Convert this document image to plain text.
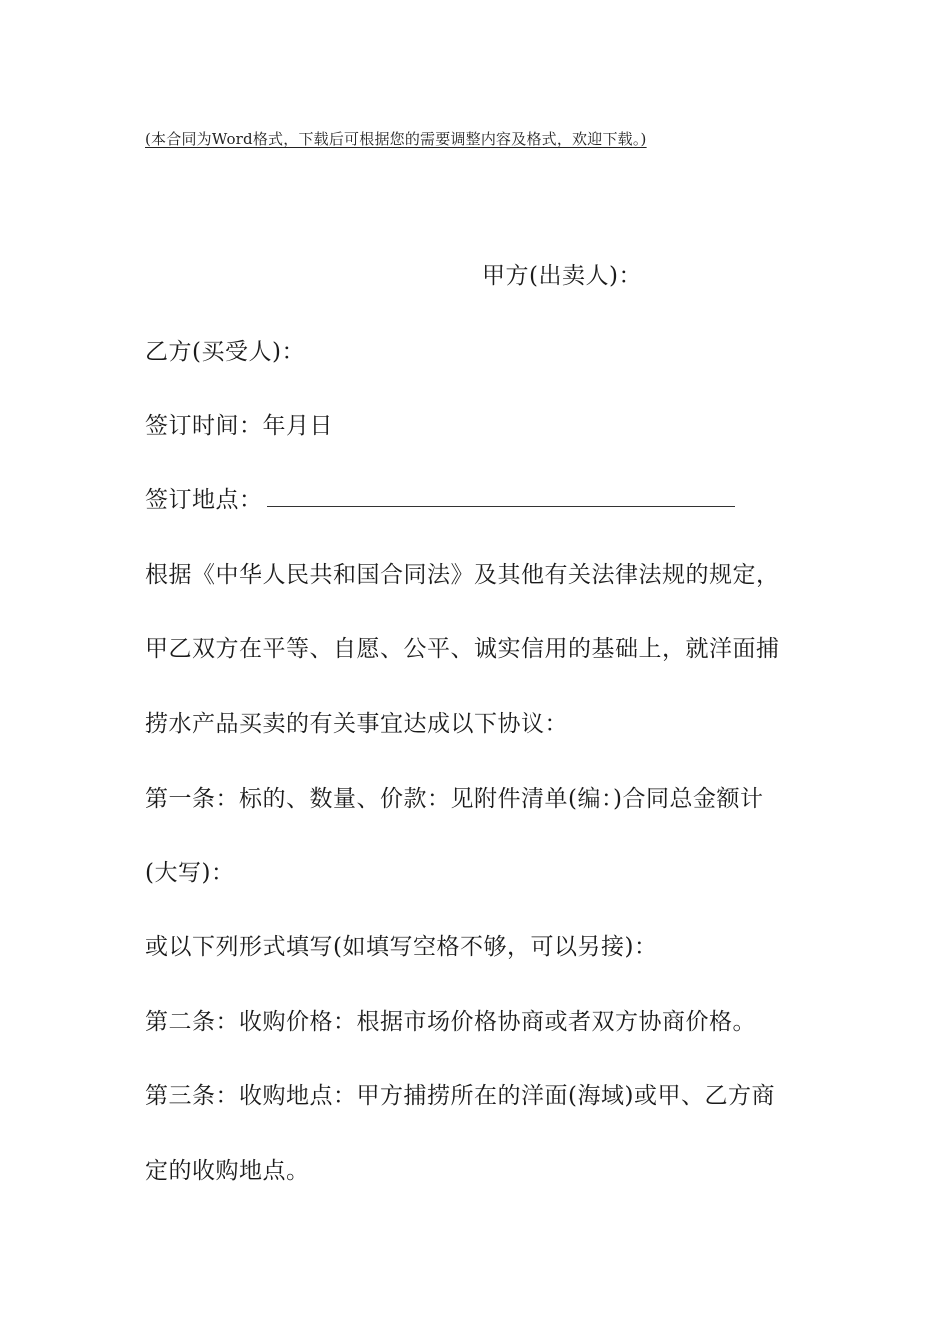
(本合同为Word格式，下载后可根据您的需要调整内容及格式，欢迎下载。)
甲方(出卖人)：
乙方(买受人)：
签订时间：年月日
签订地点：
根据《中华人民共和国合同法》及其他有关法律法规的规定，
甲乙双方在平等、自愿、公平、诚实信用的基础上，就洋面捕
捞水产品买卖的有关事宜达成以下协议：
第一条：标的、数量、价款：见附件清单(编：)合同总金额计
(大写)：
或以下列形式填写(如填写空格不够，可以另接)：
第二条：收购价格：根据市场价格协商或者双方协商价格。
第三条：收购地点：甲方捕捞所在的洋面(海域)或甲、乙方商
定的收购地点。
